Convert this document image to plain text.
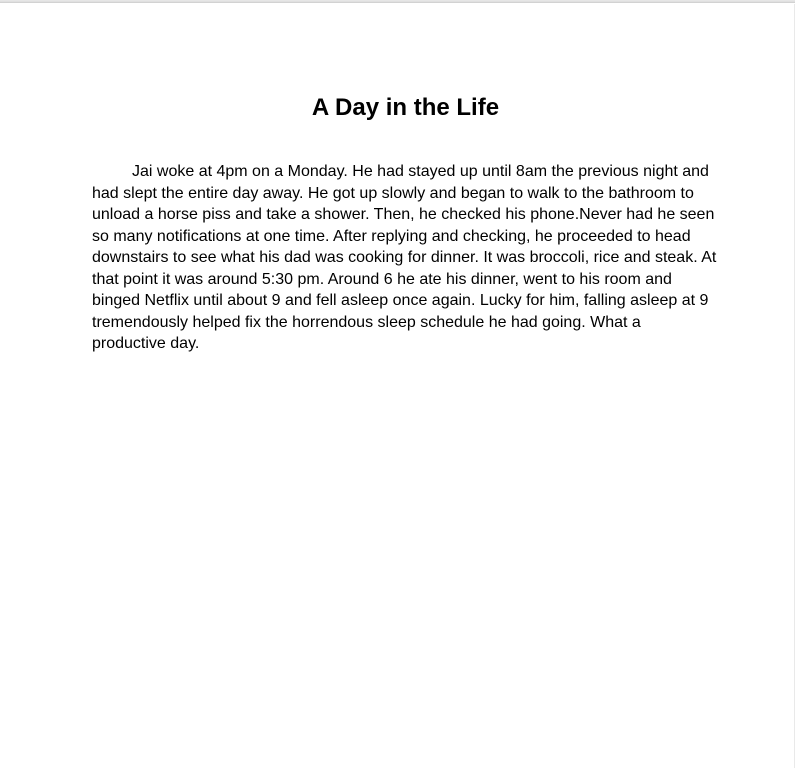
A Day in the Life

Jai woke at 4pm on a Monday. He had stayed up until 8am the previous night and had slept the entire day away. He got up slowly and began to walk to the bathroom to unload a horse piss and take a shower. Then, he checked his phone.Never had he seen so many notifications at one time. After replying and checking, he proceeded to head downstairs to see what his dad was cooking for dinner. It was broccoli, rice and steak. At that point it was around 5:30 pm. Around 6 he ate his dinner, went to his room and binged Netflix until about 9 and fell asleep once again. Lucky for him, falling asleep at 9 tremendously helped fix the horrendous sleep schedule he had going. What a productive day.
